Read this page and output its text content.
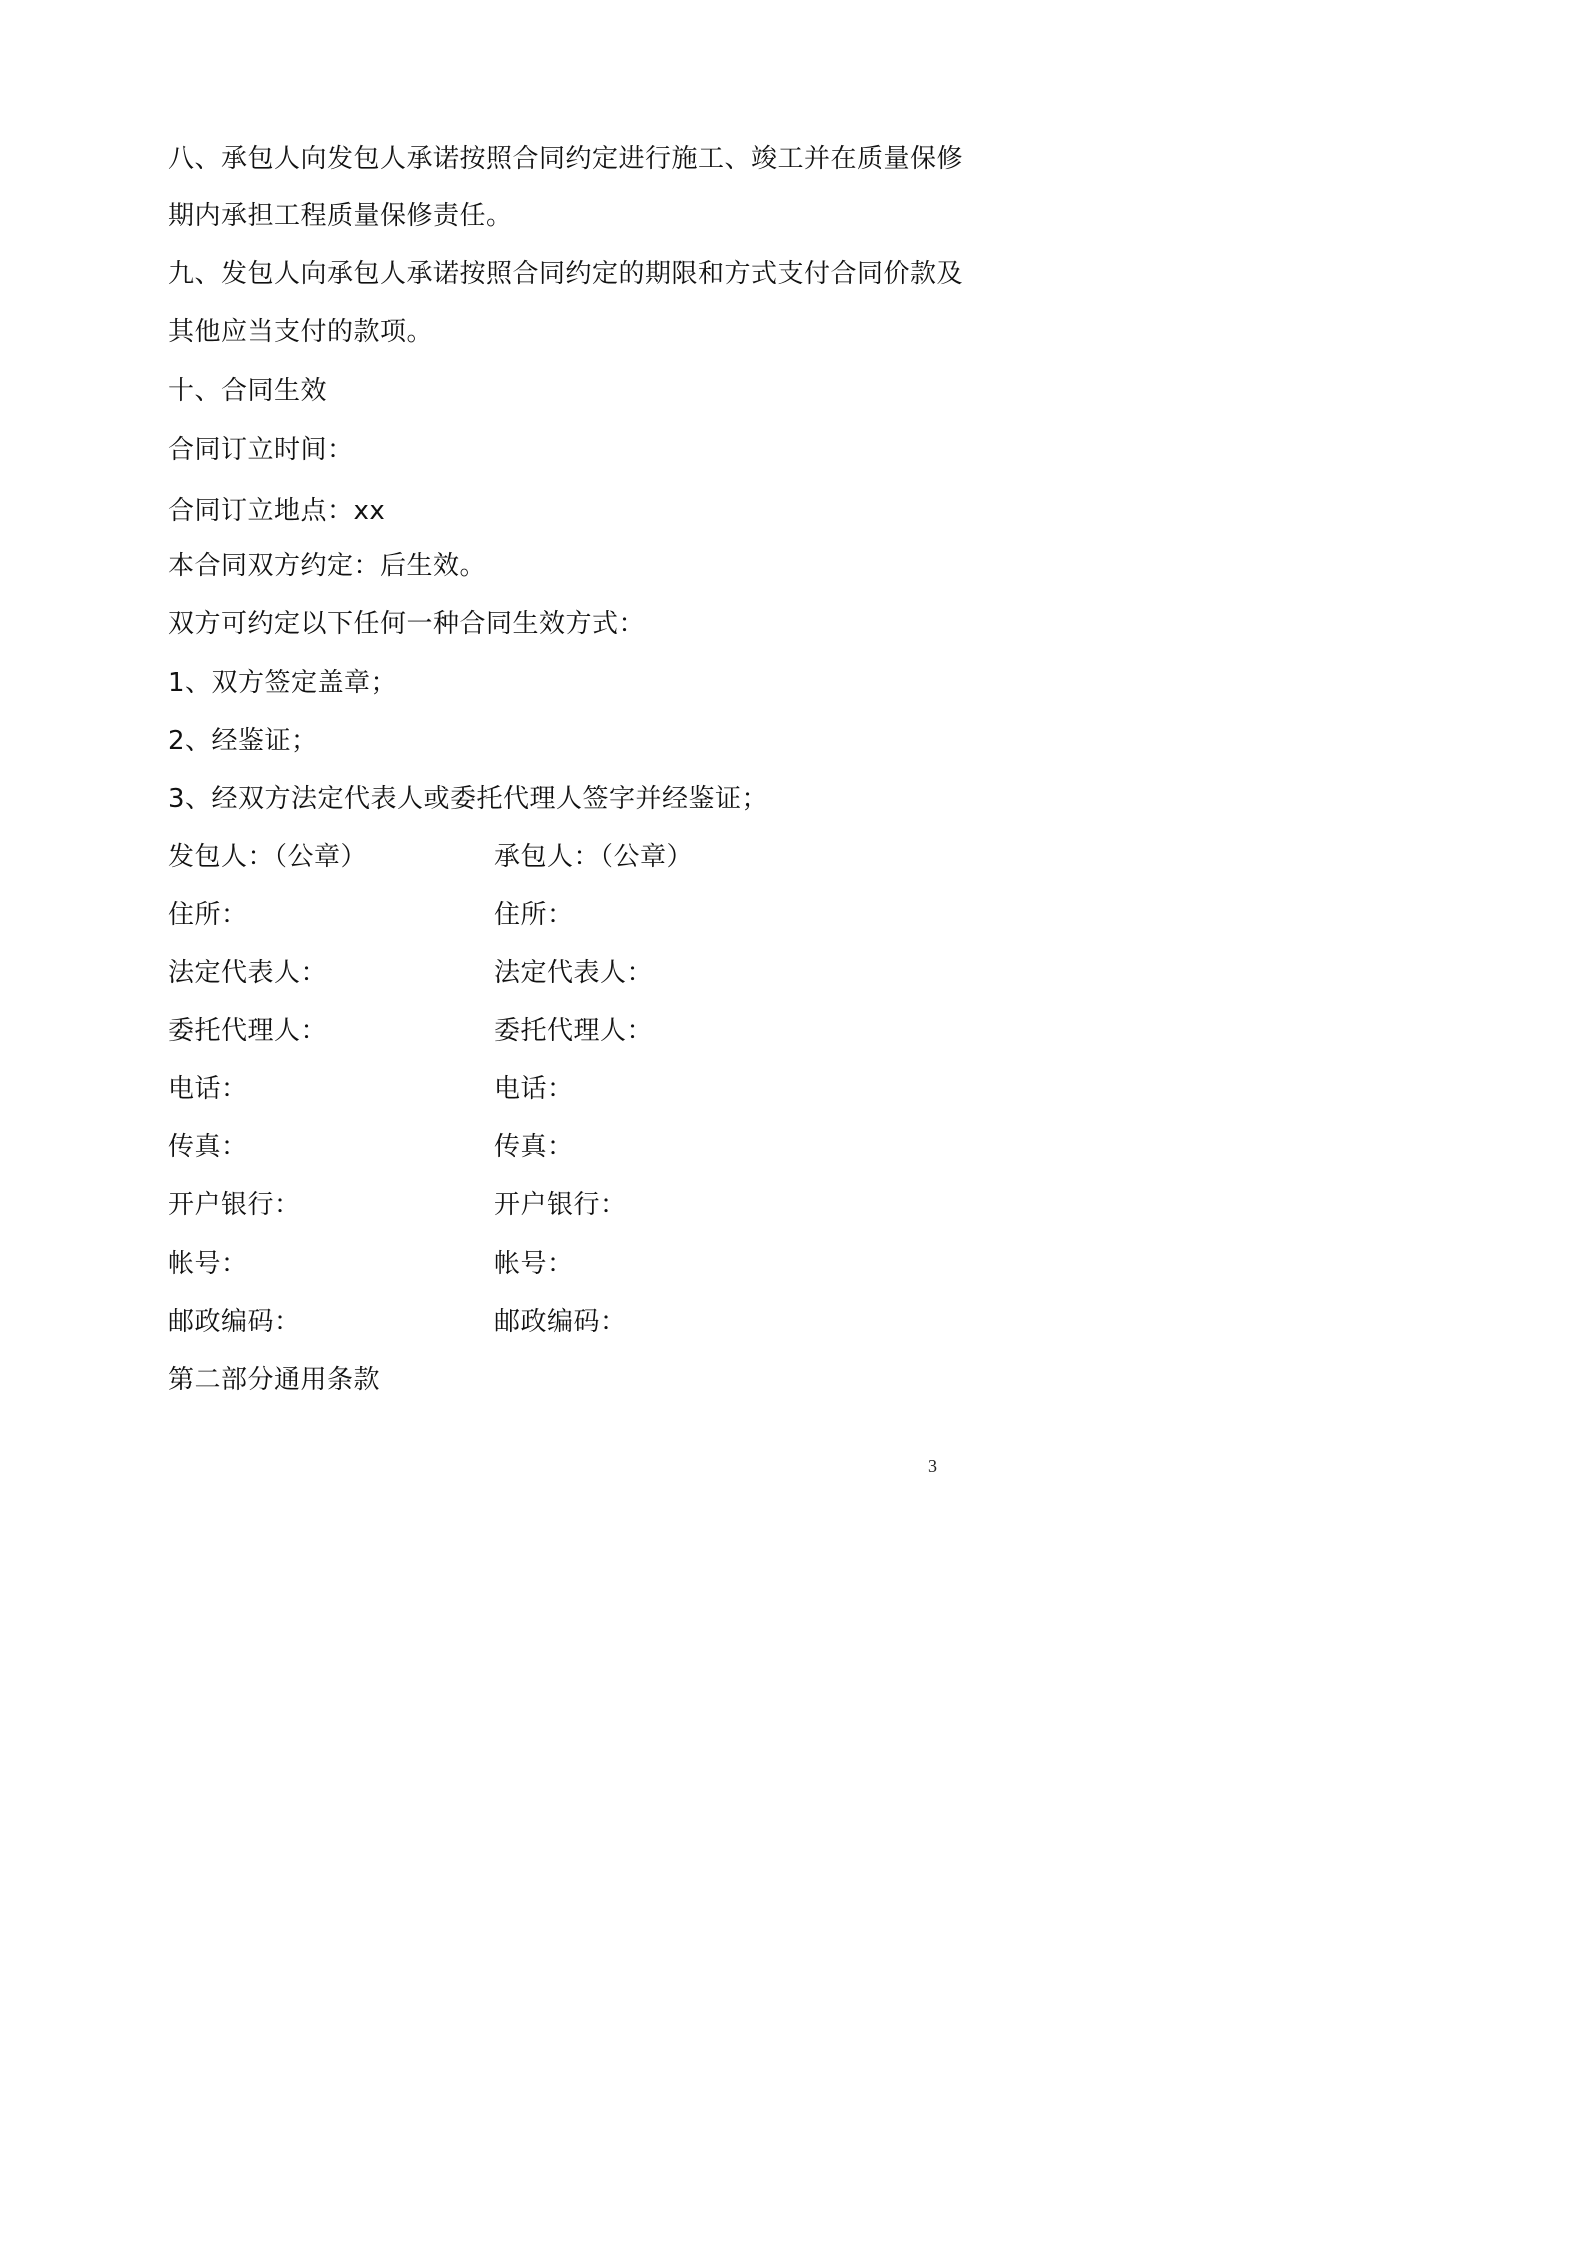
八、承包人向发包人承诺按照合同约定进行施工、竣工并在质量保修
期内承担工程质量保修责任。
九、发包人向承包人承诺按照合同约定的期限和方式支付合同价款及
其他应当支付的款项。
十、合同生效
合同订立时间：
合同订立地点：xx
本合同双方约定：后生效。
双方可约定以下任何一种合同生效方式：
1、双方签定盖章；
2、经鉴证；
3、经双方法定代表人或委托代理人签字并经鉴证；
发包人：（公章）
住所：
法定代表人：
委托代理人：
电话：
传真：
开户银行：
帐号：
邮政编码：
承包人：（公章）
住所：
法定代表人：
委托代理人：
电话：
传真：
开户银行：
帐号：
邮政编码：
第二部分通用条款
3
